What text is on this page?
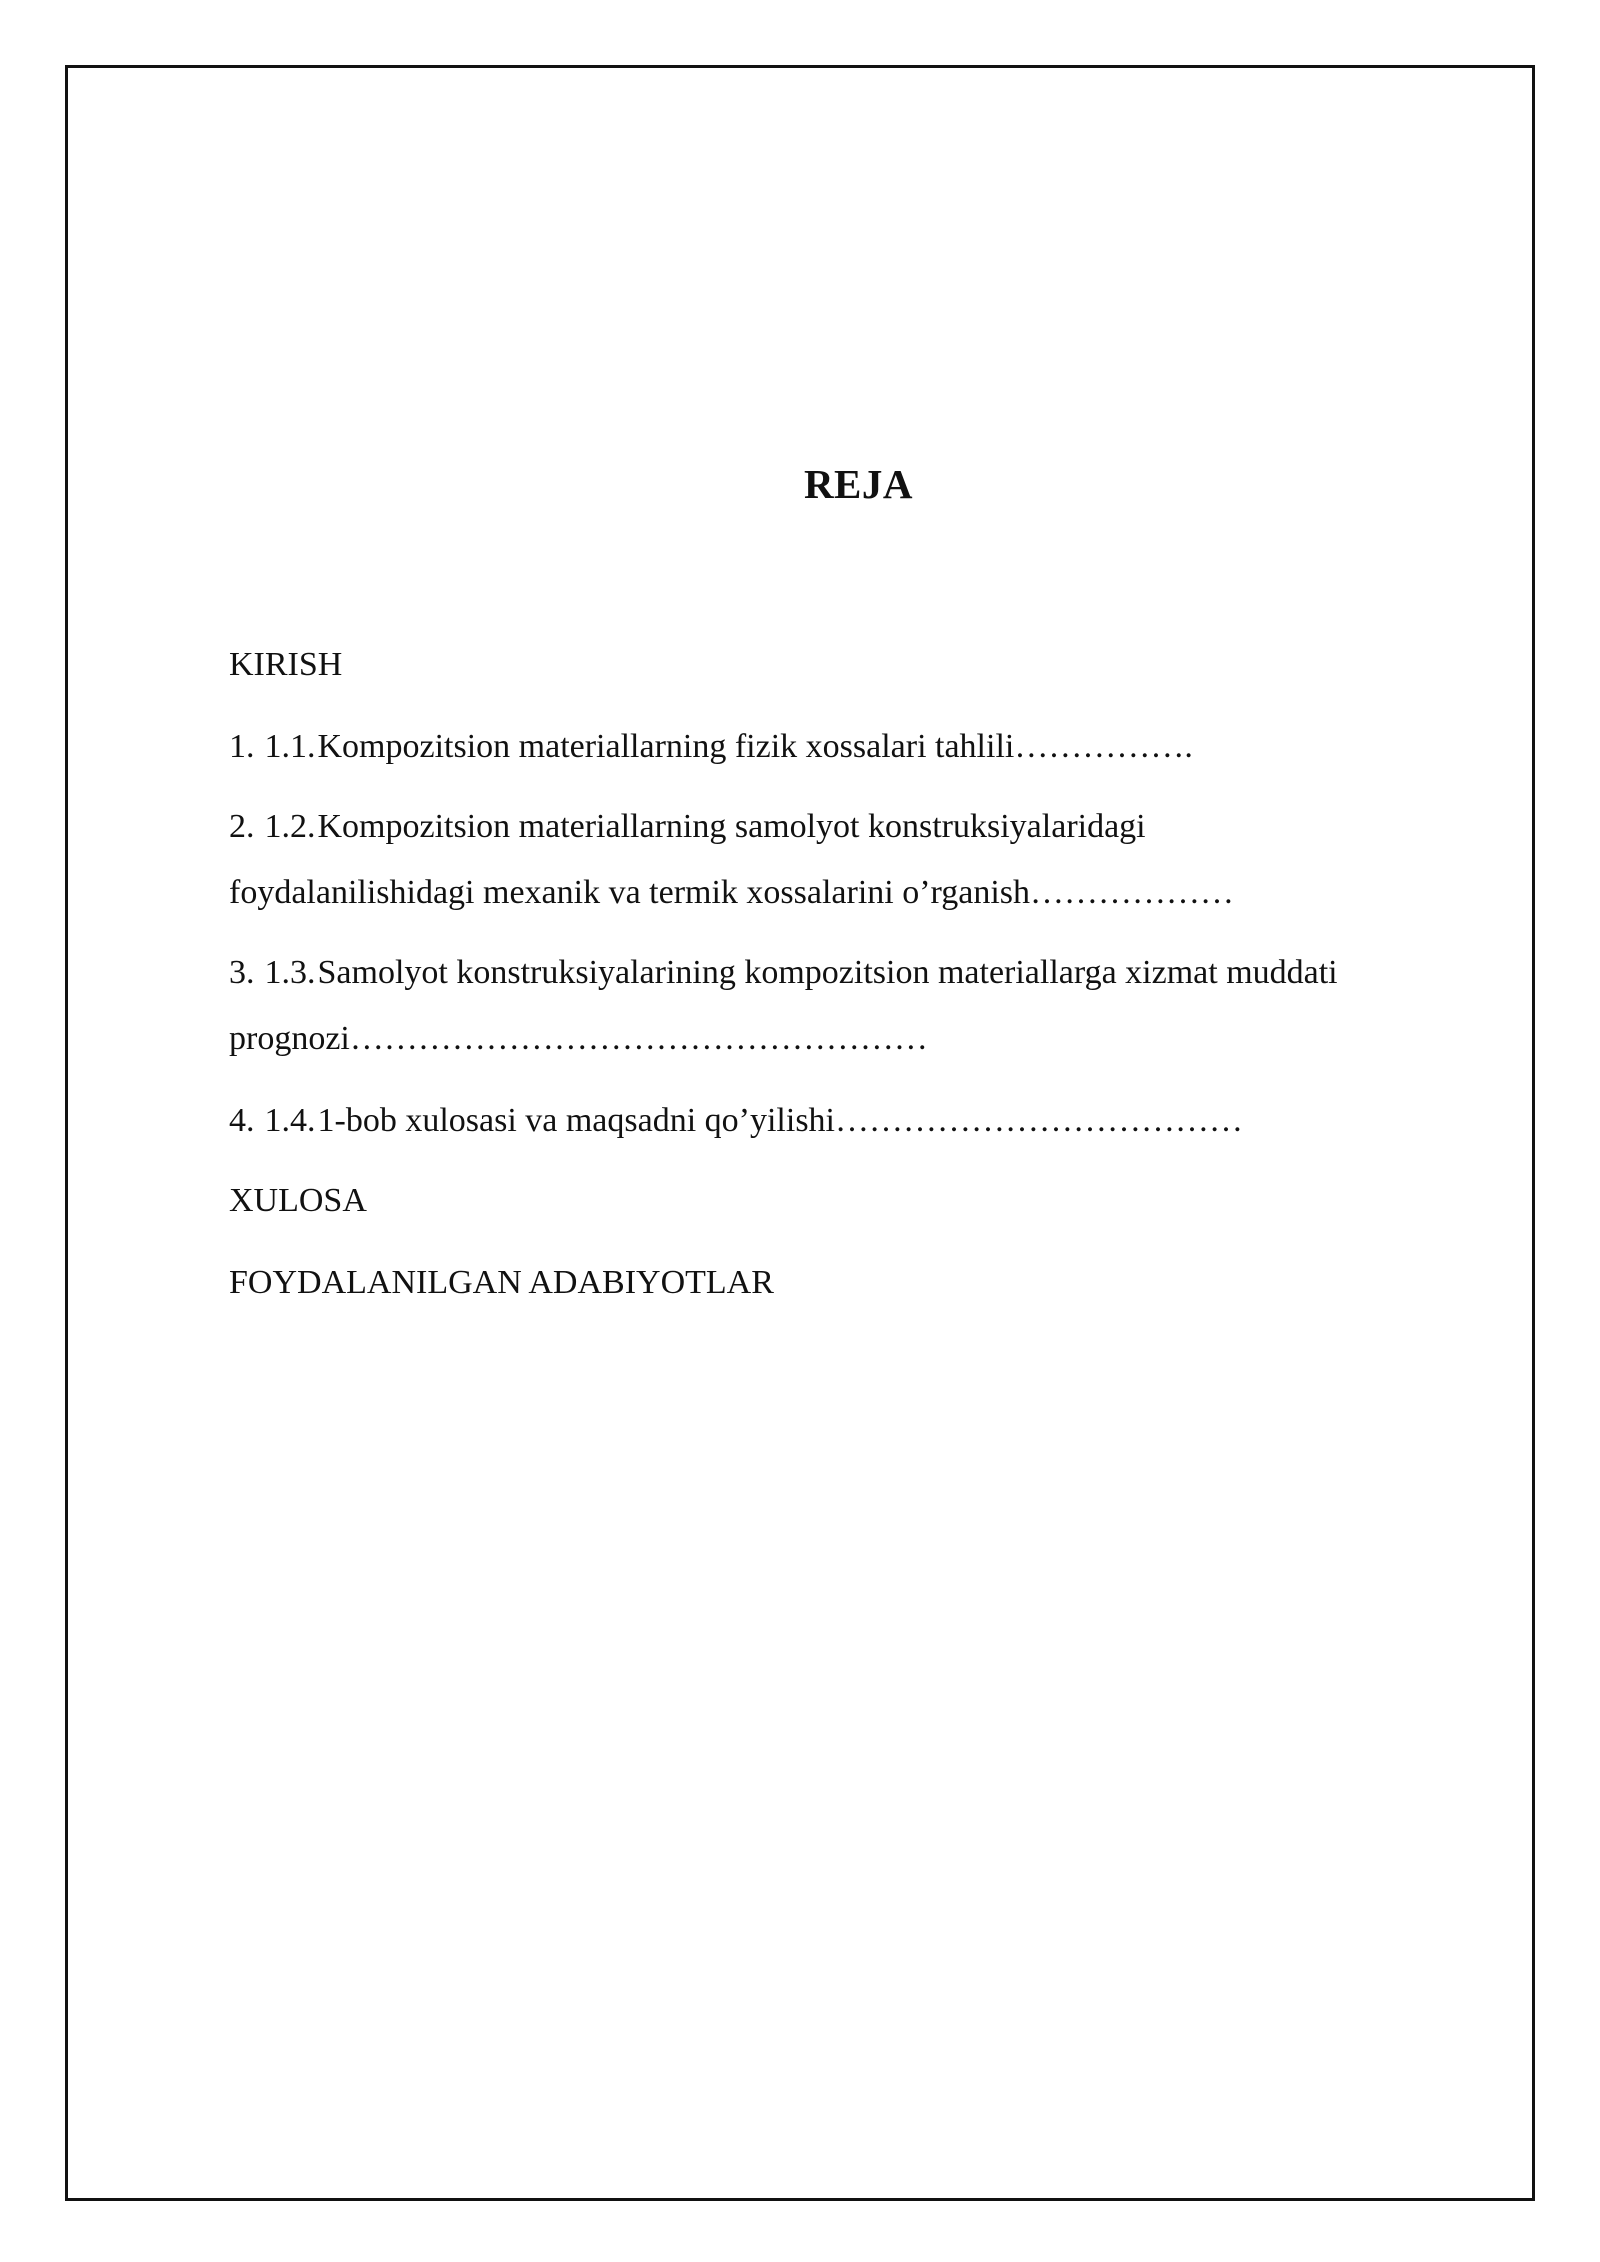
REJA
KIRISH
1. 1.1.Kompozitsion materiallarning fizik xossalari tahlili…………….
2. 1.2.Kompozitsion materiallarning samolyot konstruksiyalaridagi
foydalanilishidagi mexanik va termik xossalarini o’rganish………………
3. 1.3.Samolyot konstruksiyalarining kompozitsion materiallarga xizmat muddati
prognozi……………………………………………
4. 1.4.1-bob xulosasi va maqsadni qo’yilishi………………………………
XULOSA
FOYDALANILGAN ADABIYOTLAR
